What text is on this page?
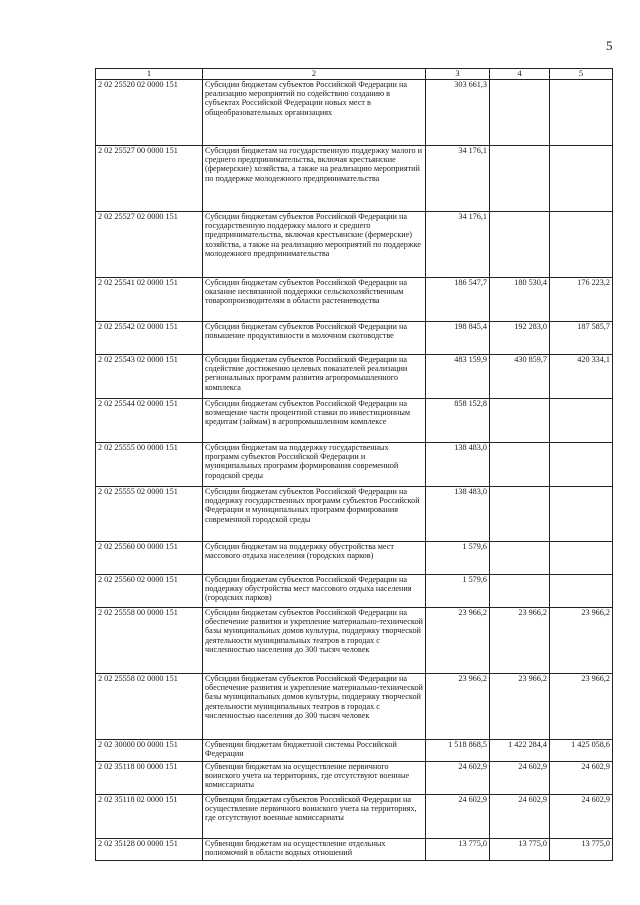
5
1	2	3	4	5
2 02 25520 02 0000 151	Субсидии бюджетам субъектов Российской Федерации на реализацию мероприятий по содействию созданию в субъектах Российской Федерации новых мест в общеобразовательных организациях	303 661,3		
2 02 25527 00 0000 151	Субсидии бюджетам на государственную поддержку малого и среднего предпринимательства, включая крестьянские (фермерские) хозяйства, а также на реализацию мероприятий по поддержке молодежного предпринимательства	34 176,1		
2 02 25527 02 0000 151	Субсидии бюджетам субъектов Российской Федерации на государственную поддержку малого и среднего предпринимательства, включая крестьянские (фермерские) хозяйства, а также на реализацию мероприятий по поддержке молодежного предпринимательства	34 176,1		
2 02 25541 02 0000 151	Субсидии бюджетам субъектов Российской Федерации на оказание несвязанной поддержки сельскохозяйственным товаропроизводителям в области растениеводства	186 547,7	180 530,4	176 223,2
2 02 25542 02 0000 151	Субсидии бюджетам субъектов Российской Федерации на повышение продуктивности в молочном скотоводстве	198 845,4	192 283,0	187 585,7
2 02 25543 02 0000 151	Субсидии бюджетам субъектов Российской Федерации на содействие достижению целевых показателей реализации региональных программ развития агропромышленного комплекса	483 159,9	430 859,7	420 334,1
2 02 25544 02 0000 151	Субсидии бюджетам субъектов Российской Федерации на возмещение части процентной ставки по инвестиционным кредитам (займам) в агропромышленном комплексе	858 152,8		
2 02 25555 00 0000 151	Субсидии бюджетам на поддержку государственных программ субъектов Российской Федерации и муниципальных программ формирования современной городской среды	138 483,0		
2 02 25555 02 0000 151	Субсидии бюджетам субъектов Российской Федерации на поддержку государственных программ субъектов Российской Федерации и муниципальных программ формирования современной городской среды	138 483,0		
2 02 25560 00 0000 151	Субсидии бюджетам на поддержку обустройства мест массового отдыха населения (городских парков)	1 579,6		
2 02 25560 02 0000 151	Субсидии бюджетам субъектов Российской Федерации на поддержку обустройства мест массового отдыха населения (городских парков)	1 579,6		
2 02 25558 00 0000 151	Субсидии бюджетам субъектов Российской Федерации на обеспечение развития и укрепление материально-технической базы муниципальных домов культуры, поддержку творческой деятельности муниципальных театров в городах с численностью населения до 300 тысяч человек	23 966,2	23 966,2	23 966,2
2 02 25558 02 0000 151	Субсидии бюджетам субъектов Российской Федерации на обеспечение развития и укрепление материально-технической базы муниципальных домов культуры, поддержку творческой деятельности муниципальных театров в городах с численностью населения до 300 тысяч человек	23 966,2	23 966,2	23 966,2
2 02 30000 00 0000 151	Субвенции бюджетам бюджетной системы Российской Федерации	1 518 868,5	1 422 284,4	1 425 058,6
2 02 35118 00 0000 151	Субвенции бюджетам на осуществление первичного воинского учета на территориях, где отсутствуют военные комиссариаты	24 602,9	24 602,9	24 602,9
2 02 35118 02 0000 151	Субвенции бюджетам субъектов Российской Федерации на осуществление первичного воинского учета на территориях, где отсутствуют военные комиссариаты	24 602,9	24 602,9	24 602,9
2 02 35128 00 0000 151	Субвенции бюджетам на осуществление отдельных полномочий в области водных отношений	13 775,0	13 775,0	13 775,0
